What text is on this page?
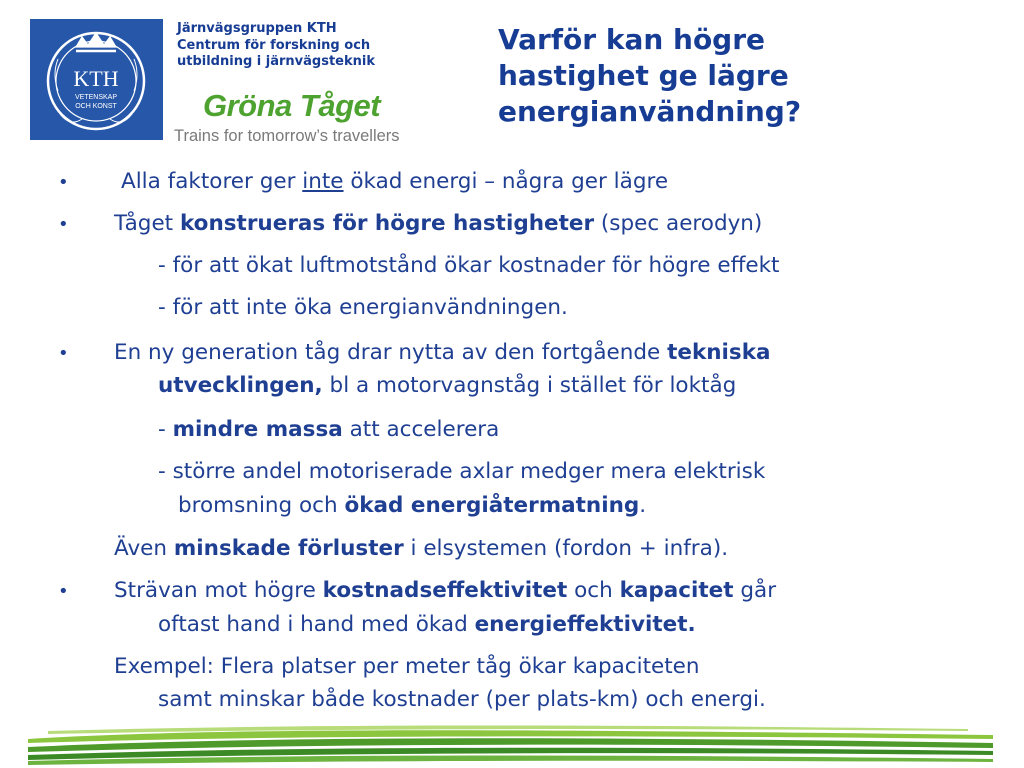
KTH
VETENSKAP
OCH KONST
Järnvägsgruppen KTH
Centrum för forskning och
utbildning i järnvägsteknik
Gröna Tåget
Trains for tomorrow’s travellers
Varför kan högre
hastighet ge lägre
energianvändning?
• Alla faktorer ger inte ökad energi – några ger lägre
• Tåget konstrueras för högre hastigheter (spec aerodyn)
- för att ökat luftmotstånd ökar kostnader för högre effekt
- för att inte öka energianvändningen.
• En ny generation tåg drar nytta av den fortgående tekniska
utvecklingen, bl a motorvagnståg i stället för loktåg
- mindre massa att accelerera
- större andel motoriserade axlar medger mera elektrisk
bromsning och ökad energiåtermatning.
Även minskade förluster i elsystemen (fordon + infra).
• Strävan mot högre kostnadseffektivitet och kapacitet går
oftast hand i hand med ökad energieffektivitet.
Exempel: Flera platser per meter tåg ökar kapaciteten
samt minskar både kostnader (per plats-km) och energi.
